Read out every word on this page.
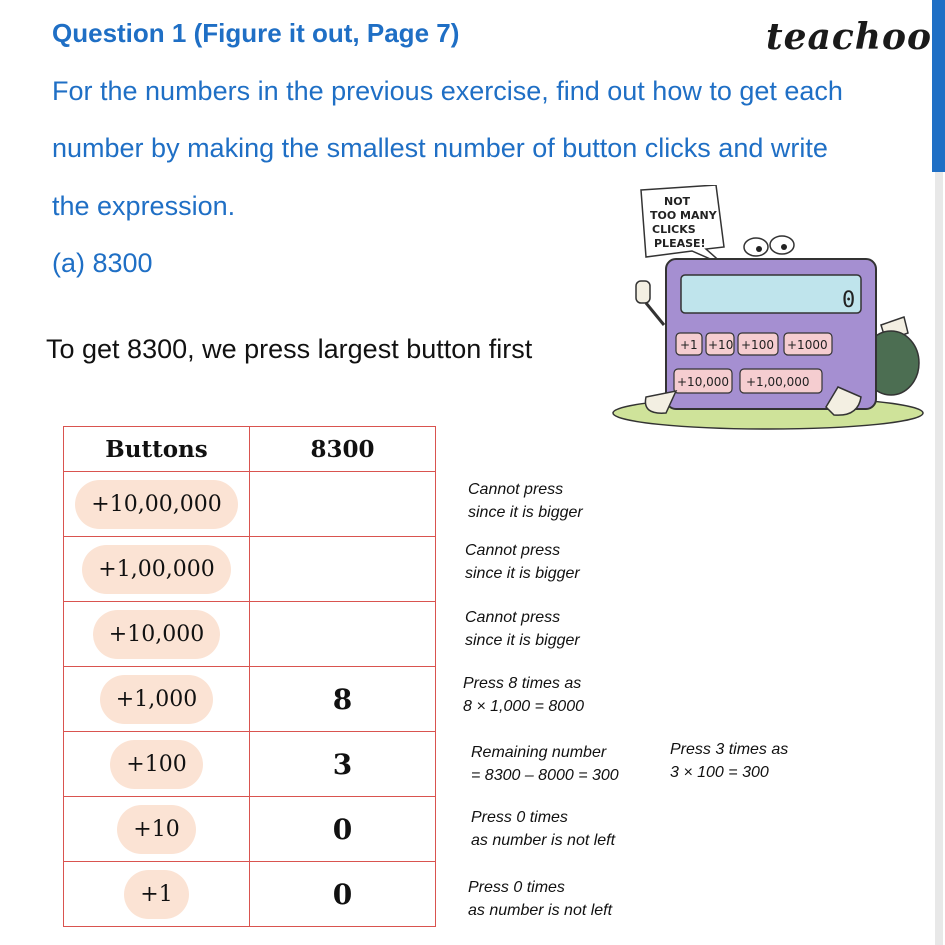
Question 1 (Figure it out, Page 7)	teachoo
For the numbers in the previous exercise, find out how to get each
number by making the smallest number of button clicks and write
the expression.
(a) 8300
To get 8300, we press largest button first
NOT
TOO MANY
CLICKS
PLEASE!
0
+1 +10 +100 +1000
+10,000 +1,00,000
Buttons	8300
+10,00,000	
+1,00,000	
+10,000	
+1,000	8
+100	3
+10	0
+1	0
Cannot press
since it is bigger
Cannot press
since it is bigger
Cannot press
since it is bigger
Press 8 times as
8 × 1,000 = 8000
Remaining number
= 8300 – 8000 = 300
Press 3 times as
3 × 100 = 300
Press 0 times
as number is not left
Press 0 times
as number is not left
